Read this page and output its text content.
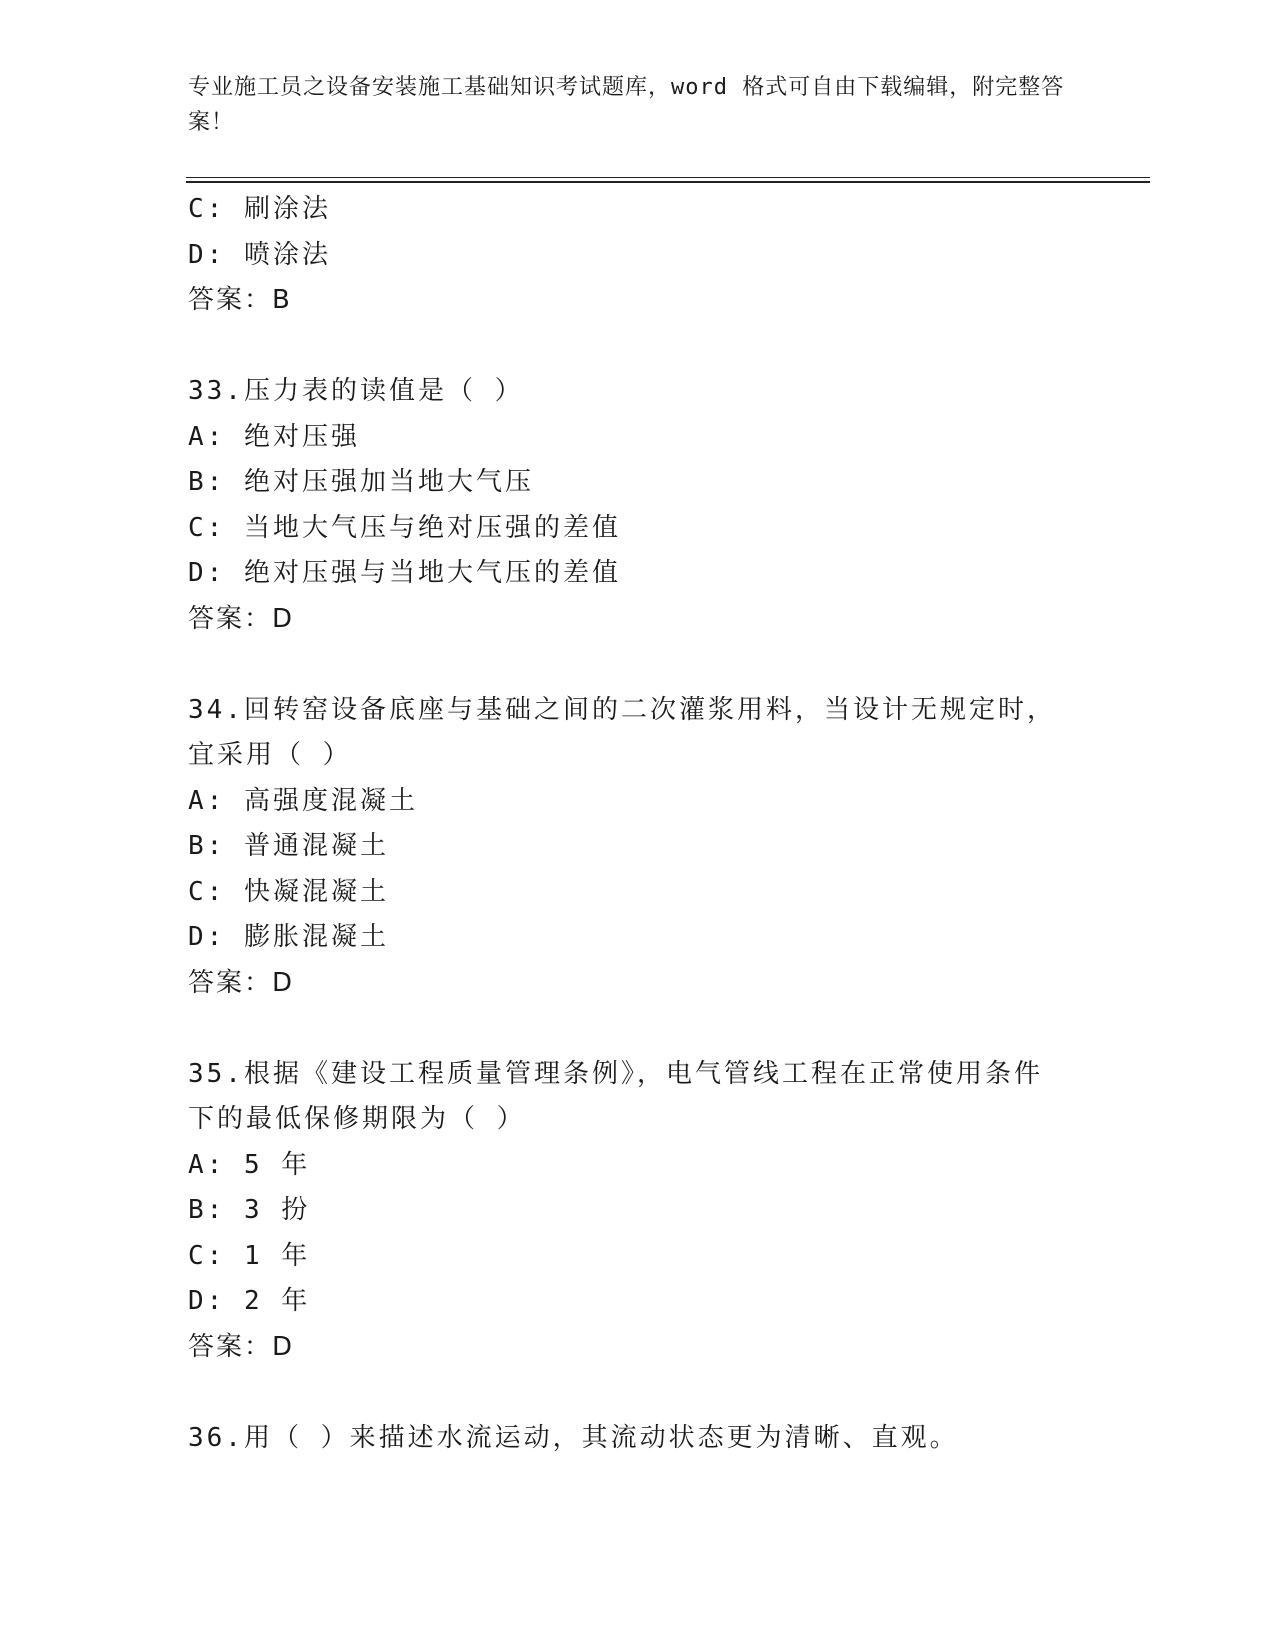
专业施工员之设备安装施工基础知识考试题库，word 格式可自由下载编辑，附完整答案！
C: 刷涂法
D: 喷涂法
答案：B
33.压力表的读值是（ ）
A: 绝对压强
B: 绝对压强加当地大气压
C: 当地大气压与绝对压强的差值
D: 绝对压强与当地大气压的差值
答案：D
34.回转窑设备底座与基础之间的二次灌浆用料，当设计无规定时，宜采用（ ）
A: 高强度混凝土
B: 普通混凝土
C: 快凝混凝土
D: 膨胀混凝土
答案：D
35.根据《建设工程质量管理条例》，电气管线工程在正常使用条件下的最低保修期限为（ ）
A: 5 年
B: 3 扮
C: 1 年
D: 2 年
答案：D
36.用（ ）来描述水流运动，其流动状态更为清晰、直观。
